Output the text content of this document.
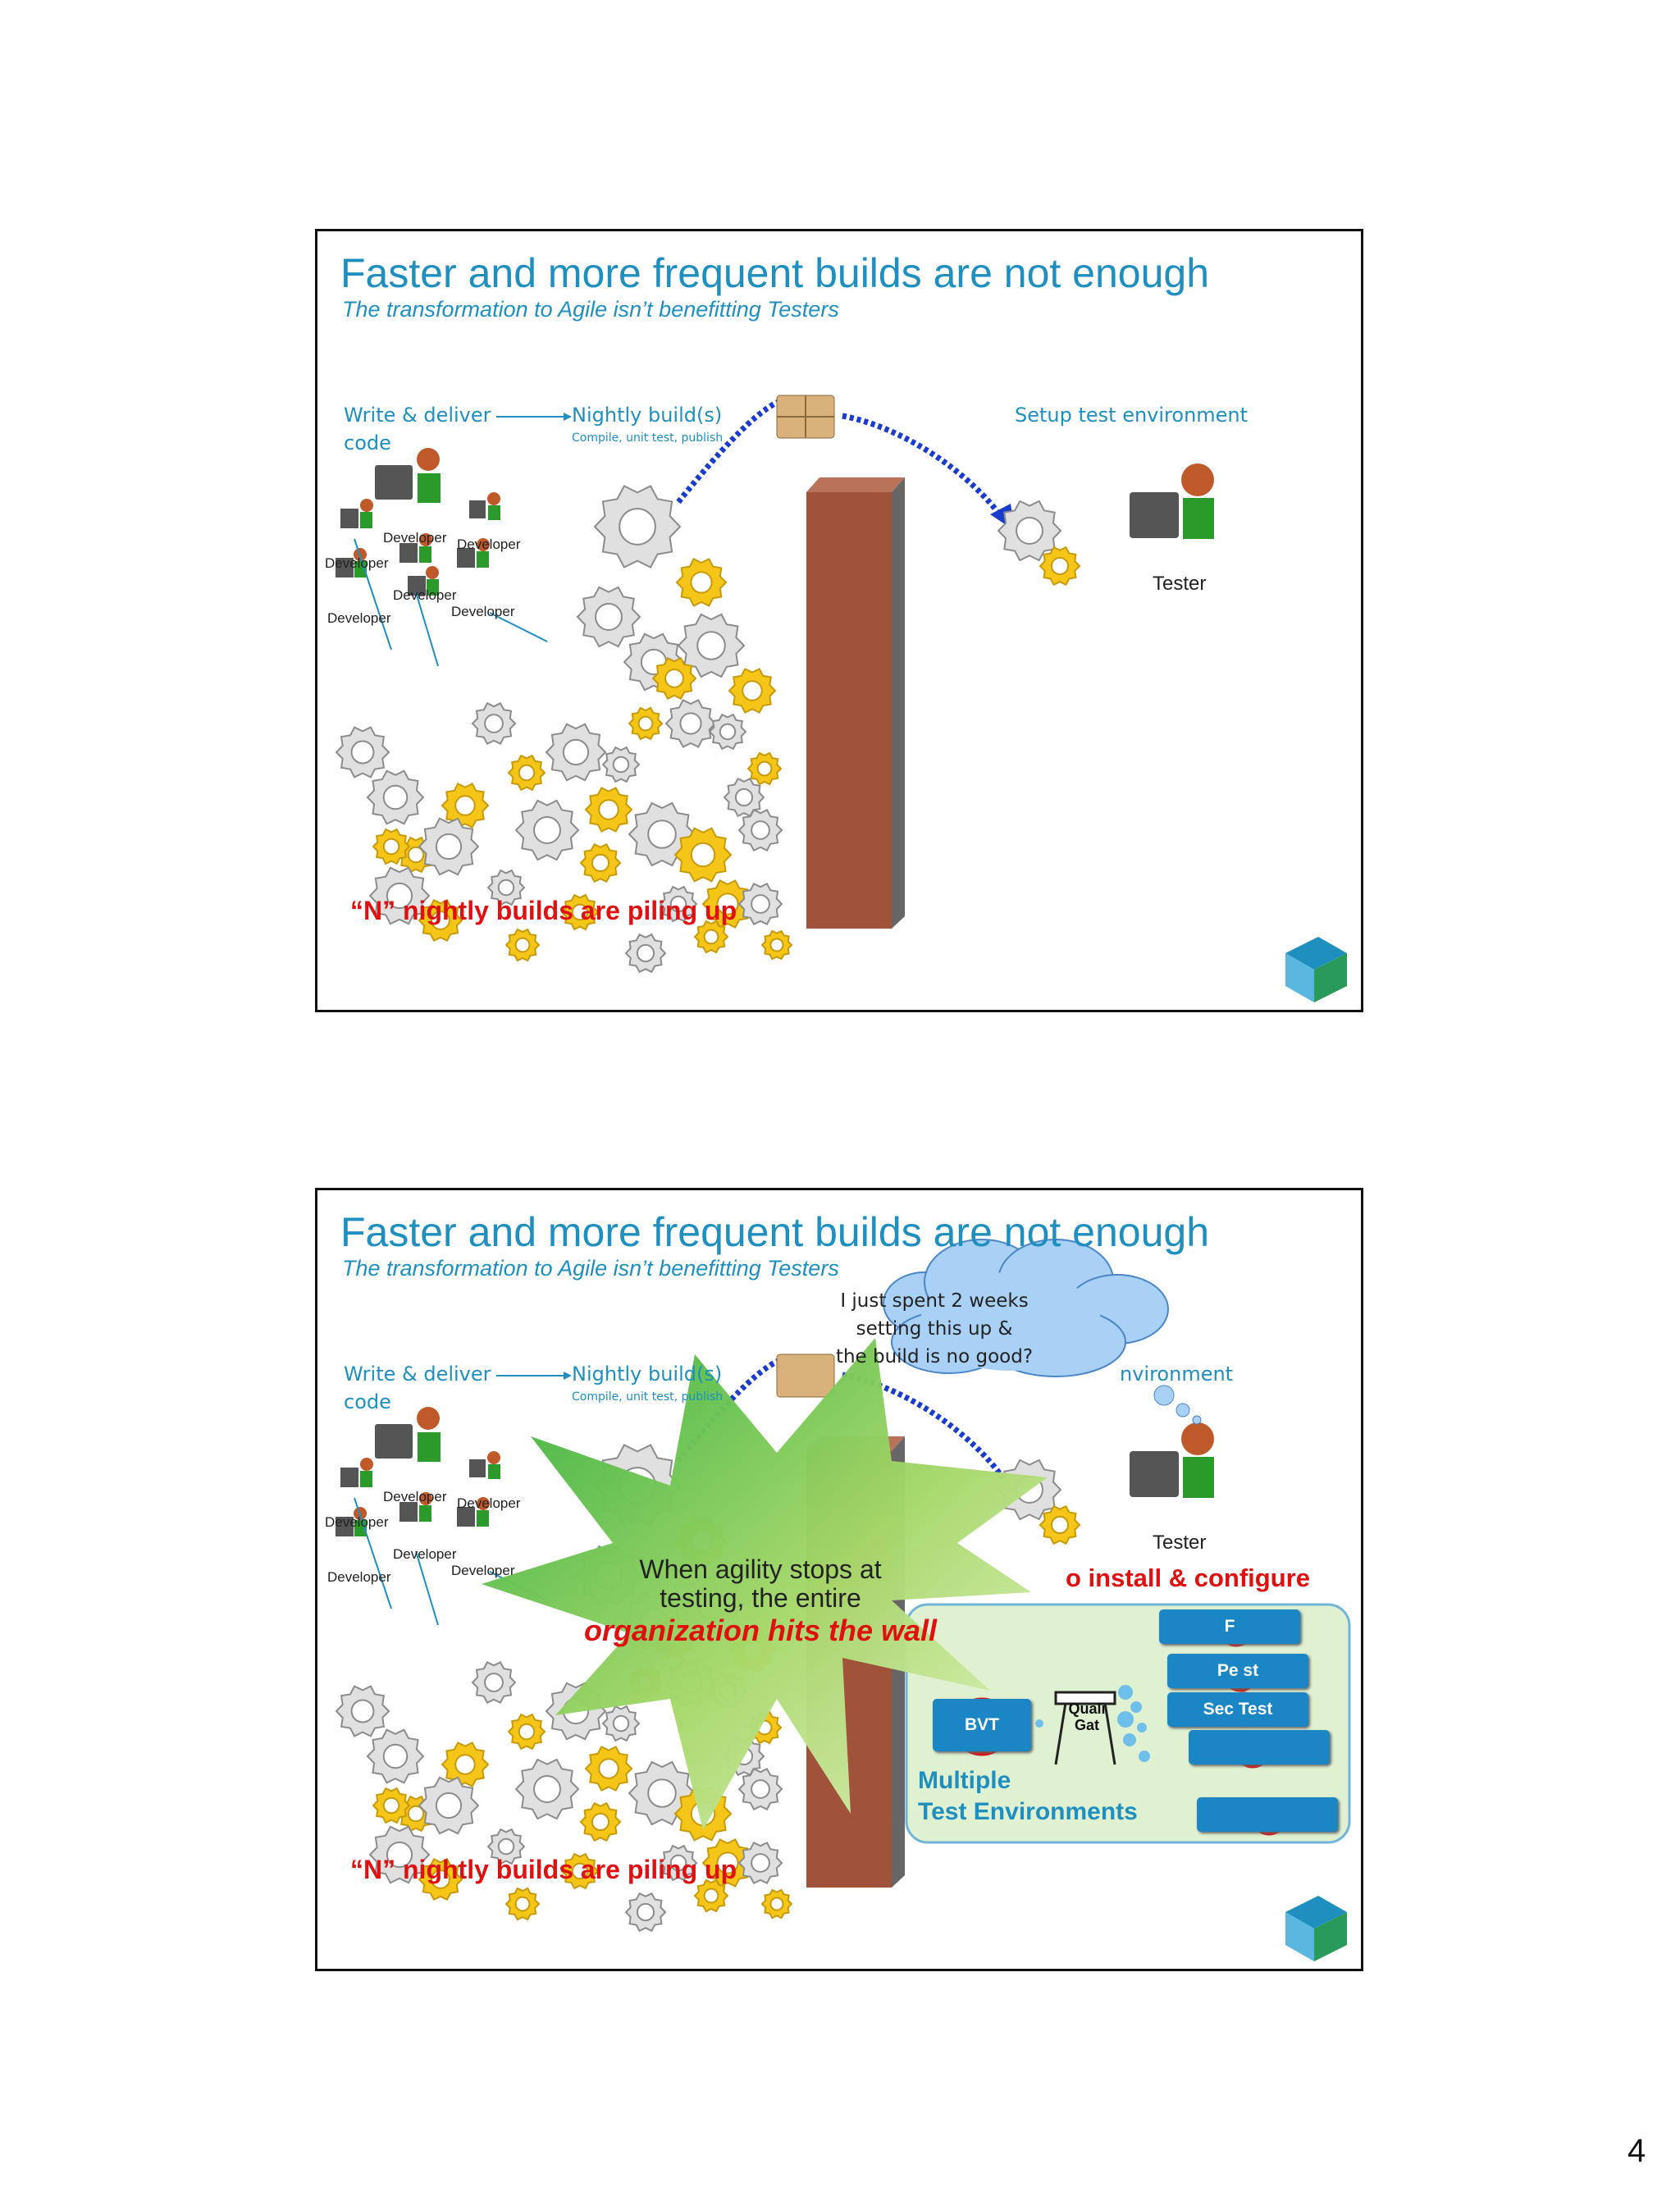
Faster and more frequent builds are not enough
The transformation to Agile isn’t benefitting Testers
Write & deliver
code
Nightly build(s)
Compile, unit test, publish
Setup test environment
Developer Developer
Developer
Developer
Developer
Developer
Tester
“N” nightly builds are piling up
Faster and more frequent builds are not enough
The transformation to Agile isn’t benefitting Testers
Write & deliver
code
Nightly build(s)
Compile, unit test, publish
nvironment
Developer Developer
Developer
Developer
Developer
Developer
Tester
“N” nightly builds are piling up
I just spent 2 weeks
setting this up &
the build is no good?
o install & configure
F
Pe st
Sec Test
BVT
Quali
Gat
Multiple
Test Environments
When agility stops at
testing, the entire
organization hits the wall
4
